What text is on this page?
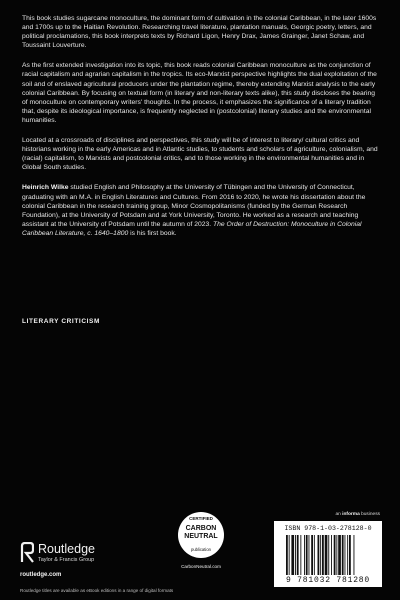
This book studies sugarcane monoculture, the dominant form of cultivation in the colonial Caribbean, in the later 1600s and 1700s up to the Haitian Revolution. Researching travel literature, plantation manuals, Georgic poetry, letters, and political proclamations, this book interprets texts by Richard Ligon, Henry Drax, James Grainger, Janet Schaw, and Toussaint Louverture.

As the first extended investigation into its topic, this book reads colonial Caribbean monoculture as the conjunction of racial capitalism and agrarian capitalism in the tropics. Its eco-Marxist perspective highlights the dual exploitation of the soil and of enslaved agricultural producers under the plantation regime, thereby extending Marxist analysis to the early colonial Caribbean. By focusing on textual form (in literary and non-literary texts alike), this study discloses the bearing of monoculture on contemporary writers' thoughts. In the process, it emphasizes the significance of a literary tradition that, despite its ideological importance, is frequently neglected in (postcolonial) literary studies and the environmental humanities.

Located at a crossroads of disciplines and perspectives, this study will be of interest to literary/ cultural critics and historians working in the early Americas and in Atlantic studies, to students and scholars of agriculture, colonialism, and (racial) capitalism, to Marxists and postcolonial critics, and to those working in the environmental humanities and in Global South studies.

Heinrich Wilke studied English and Philosophy at the University of Tübingen and the University of Connecticut, graduating with an M.A. in English Literatures and Cultures. From 2016 to 2020, he wrote his dissertation about the colonial Caribbean in the research training group, Minor Cosmopolitanisms (funded by the German Research Foundation), at the University of Potsdam and at York University, Toronto. He worked as a research and teaching assistant at the University of Potsdam until the autumn of 2023. The Order of Destruction: Monoculture in Colonial Caribbean Literature, c. 1640–1800 is his first book.

LITERARY CRITICISM
Routledge
Taylor & Francis Group
routledge.com
Routledge titles are available as eBook editions in a range of digital formats
CERTIFIED
CARBON
NEUTRAL
publication
CarbonNeutral.com
an informa business
ISBN 978-1-03-278128-0
9 781032 781280
